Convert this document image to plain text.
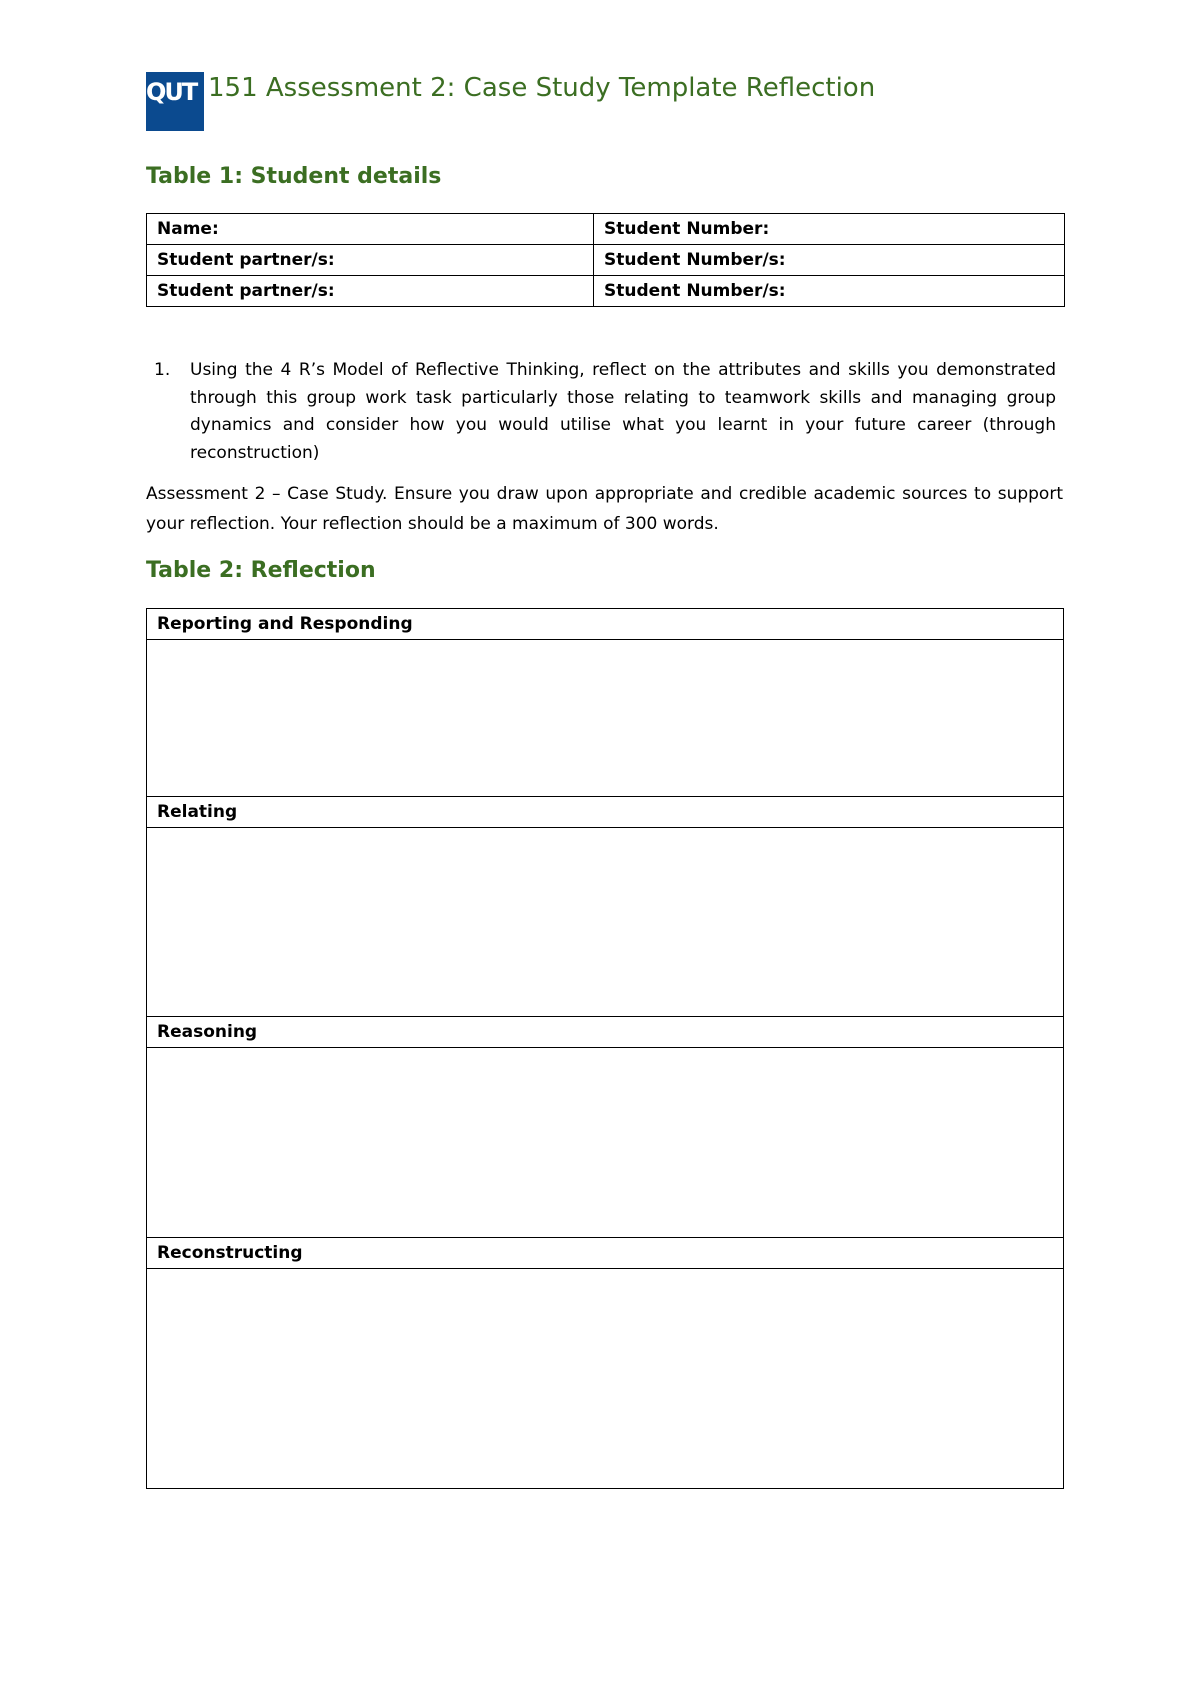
QUT 151 Assessment 2: Case Study Template Reflection
Table 1: Student details
Name:	Student Number:
Student partner/s:	Student Number/s:
Student partner/s:	Student Number/s:
1. Using the 4 R’s Model of Reflective Thinking, reflect on the attributes and skills you demonstrated through this group work task particularly those relating to teamwork skills and managing group dynamics and consider how you would utilise what you learnt in your future career (through reconstruction)
Assessment 2 – Case Study. Ensure you draw upon appropriate and credible academic sources to support your reflection. Your reflection should be a maximum of 300 words.
Table 2: Reflection
Reporting and Responding

Relating

Reasoning

Reconstructing
